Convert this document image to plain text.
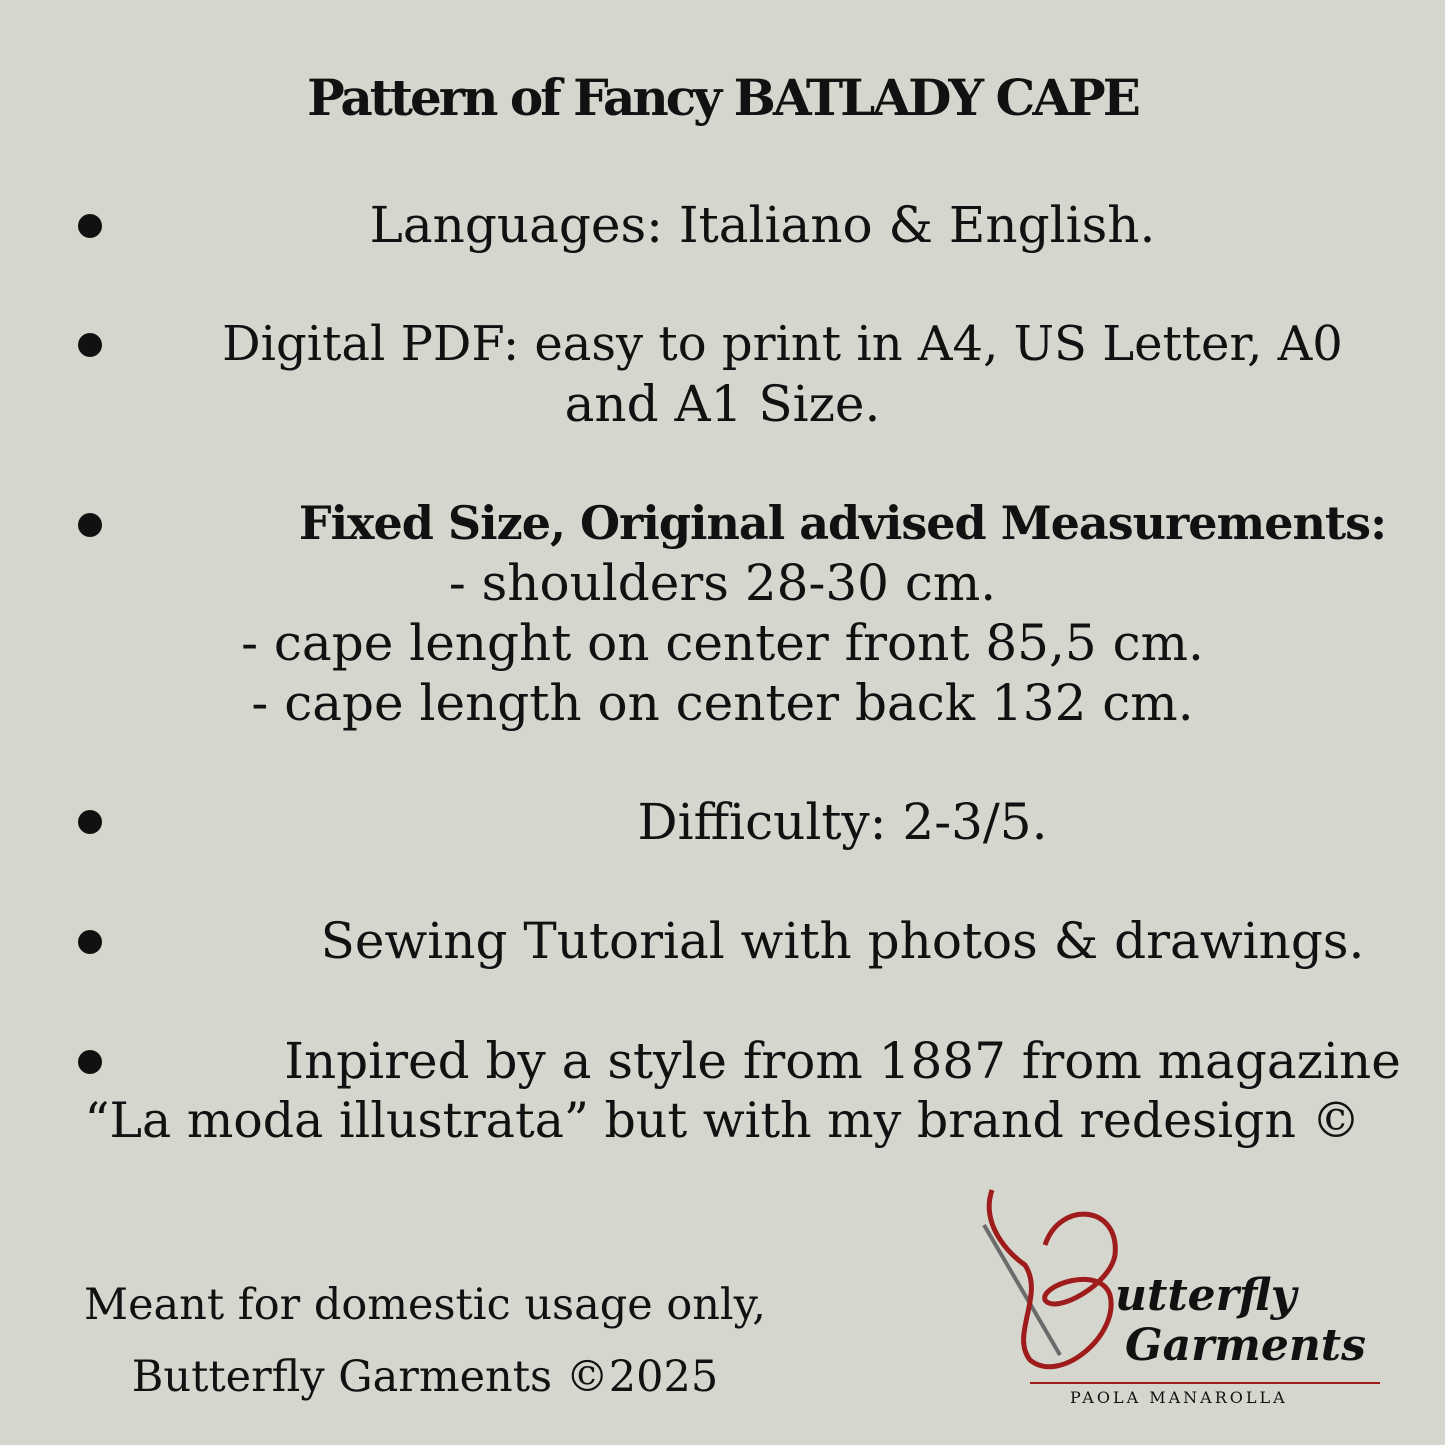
Pattern of Fancy BATLADY CAPE
Languages: Italiano & English.
Digital PDF: easy to print in A4, US Letter, A0
and A1 Size.
Fixed Size, Original advised Measurements:
- shoulders 28-30 cm.
- cape lenght on center front 85,5 cm.
- cape length on center back 132 cm.
Difficulty: 2-3/5.
Sewing Tutorial with photos & drawings.
Inpired by a style from 1887 from magazine
“La moda illustrata” but with my brand redesign ©
Meant for domestic usage only,
Butterfly Garments ©2025
utterfly
Garments
PAOLA MANAROLLA
